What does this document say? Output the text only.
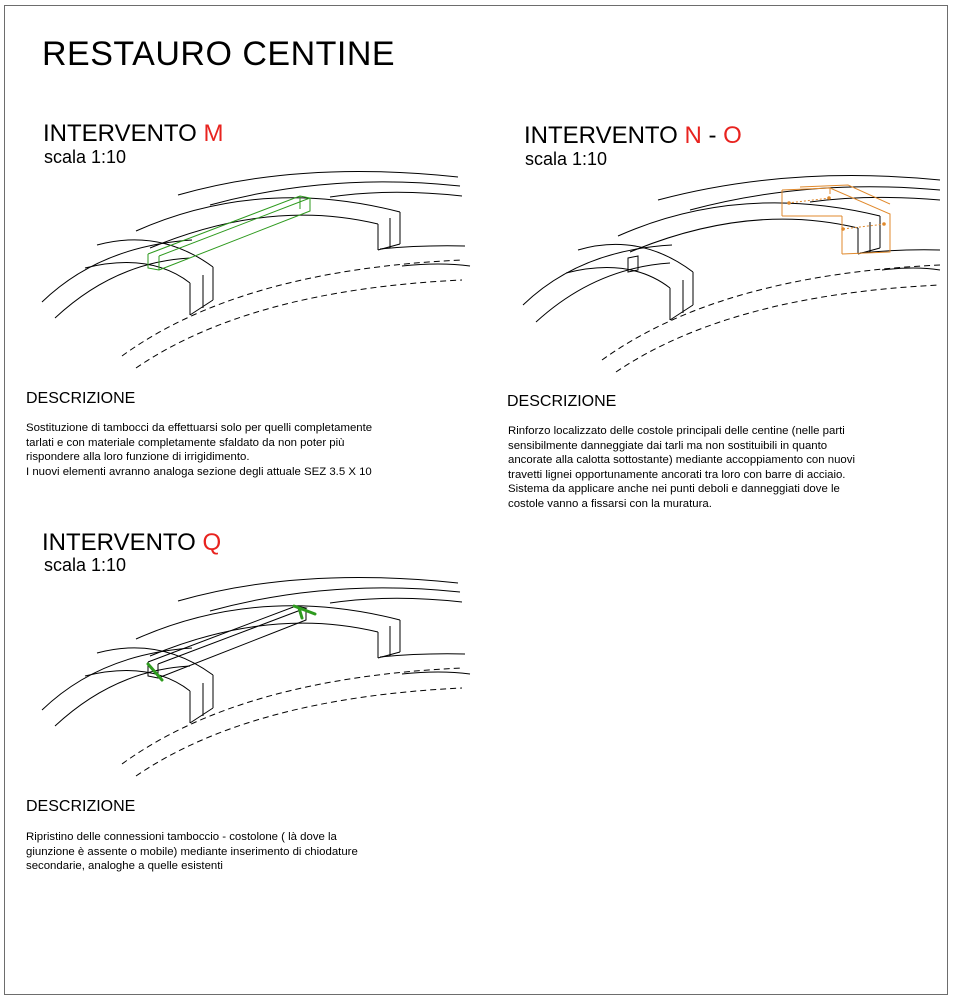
RESTAURO CENTINE
INTERVENTO M
scala 1:10
DESCRIZIONE
Sostituzione di tambocci da effettuarsi solo per quelli completamente
tarlati e con materiale completamente sfaldato da non poter più
rispondere alla loro funzione di irrigidimento.
I nuovi elementi avranno analoga sezione degli attuale SEZ 3.5 X 10
INTERVENTO N - O
scala 1:10
DESCRIZIONE
Rinforzo localizzato delle costole principali delle centine (nelle parti
sensibilmente danneggiate dai tarli ma non sostituibili in quanto
ancorate alla calotta sottostante) mediante accoppiamento con nuovi
travetti lignei opportunamente ancorati tra loro con barre di acciaio.
Sistema da applicare anche nei punti deboli e danneggiati dove le
costole vanno a fissarsi con la muratura.
INTERVENTO Q
scala 1:10
DESCRIZIONE
Ripristino delle connessioni tamboccio - costolone ( là dove la
giunzione è assente o mobile) mediante inserimento di chiodature
secondarie, analoghe a quelle esistenti
